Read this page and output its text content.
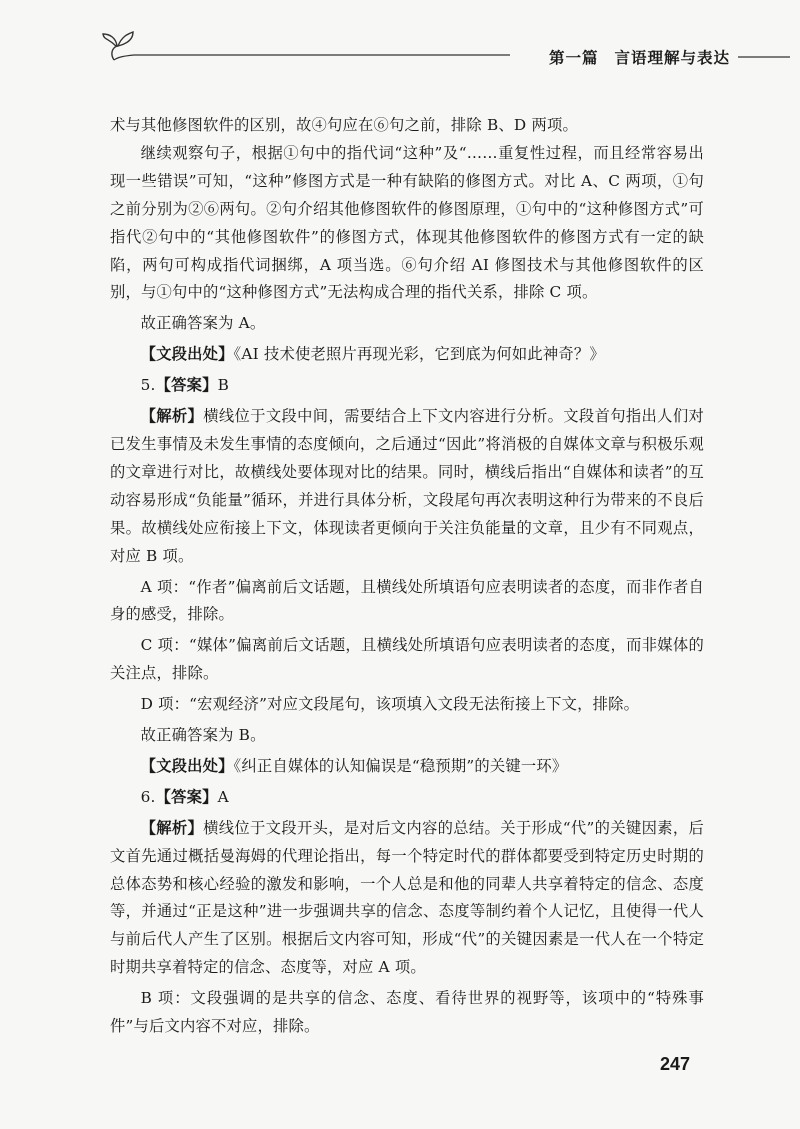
第一篇 言语理解与表达

术与其他修图软件的区别，故④句应在⑥句之前，排除 B、D 两项。

继续观察句子，根据①句中的指代词“这种”及“……重复性过程，而且经常容易出现一些错误”可知，“这种”修图方式是一种有缺陷的修图方式。对比 A、C 两项，①句之前分别为②⑥两句。②句介绍其他修图软件的修图原理，①句中的“这种修图方式”可指代②句中的“其他修图软件”的修图方式，体现其他修图软件的修图方式有一定的缺陷，两句可构成指代词捆绑，A 项当选。⑥句介绍 AI 修图技术与其他修图软件的区别，与①句中的“这种修图方式”无法构成合理的指代关系，排除 C 项。

故正确答案为 A。

【文段出处】《AI 技术使老照片再现光彩，它到底为何如此神奇？》

5.【答案】B

【解析】横线位于文段中间，需要结合上下文内容进行分析。文段首句指出人们对已发生事情及未发生事情的态度倾向，之后通过“因此”将消极的自媒体文章与积极乐观的文章进行对比，故横线处要体现对比的结果。同时，横线后指出“自媒体和读者”的互动容易形成“负能量”循环，并进行具体分析，文段尾句再次表明这种行为带来的不良后果。故横线处应衔接上下文，体现读者更倾向于关注负能量的文章，且少有不同观点，对应 B 项。

A 项：“作者”偏离前后文话题，且横线处所填语句应表明读者的态度，而非作者自身的感受，排除。

C 项：“媒体”偏离前后文话题，且横线处所填语句应表明读者的态度，而非媒体的关注点，排除。

D 项：“宏观经济”对应文段尾句，该项填入文段无法衔接上下文，排除。

故正确答案为 B。

【文段出处】《纠正自媒体的认知偏误是“稳预期”的关键一环》

6.【答案】A

【解析】横线位于文段开头，是对后文内容的总结。关于形成“代”的关键因素，后文首先通过概括曼海姆的代理论指出，每一个特定时代的群体都要受到特定历史时期的总体态势和核心经验的激发和影响，一个人总是和他的同辈人共享着特定的信念、态度等，并通过“正是这种”进一步强调共享的信念、态度等制约着个人记忆，且使得一代人与前后代人产生了区别。根据后文内容可知，形成“代”的关键因素是一代人在一个特定时期共享着特定的信念、态度等，对应 A 项。

B 项：文段强调的是共享的信念、态度、看待世界的视野等，该项中的“特殊事件”与后文内容不对应，排除。

247
